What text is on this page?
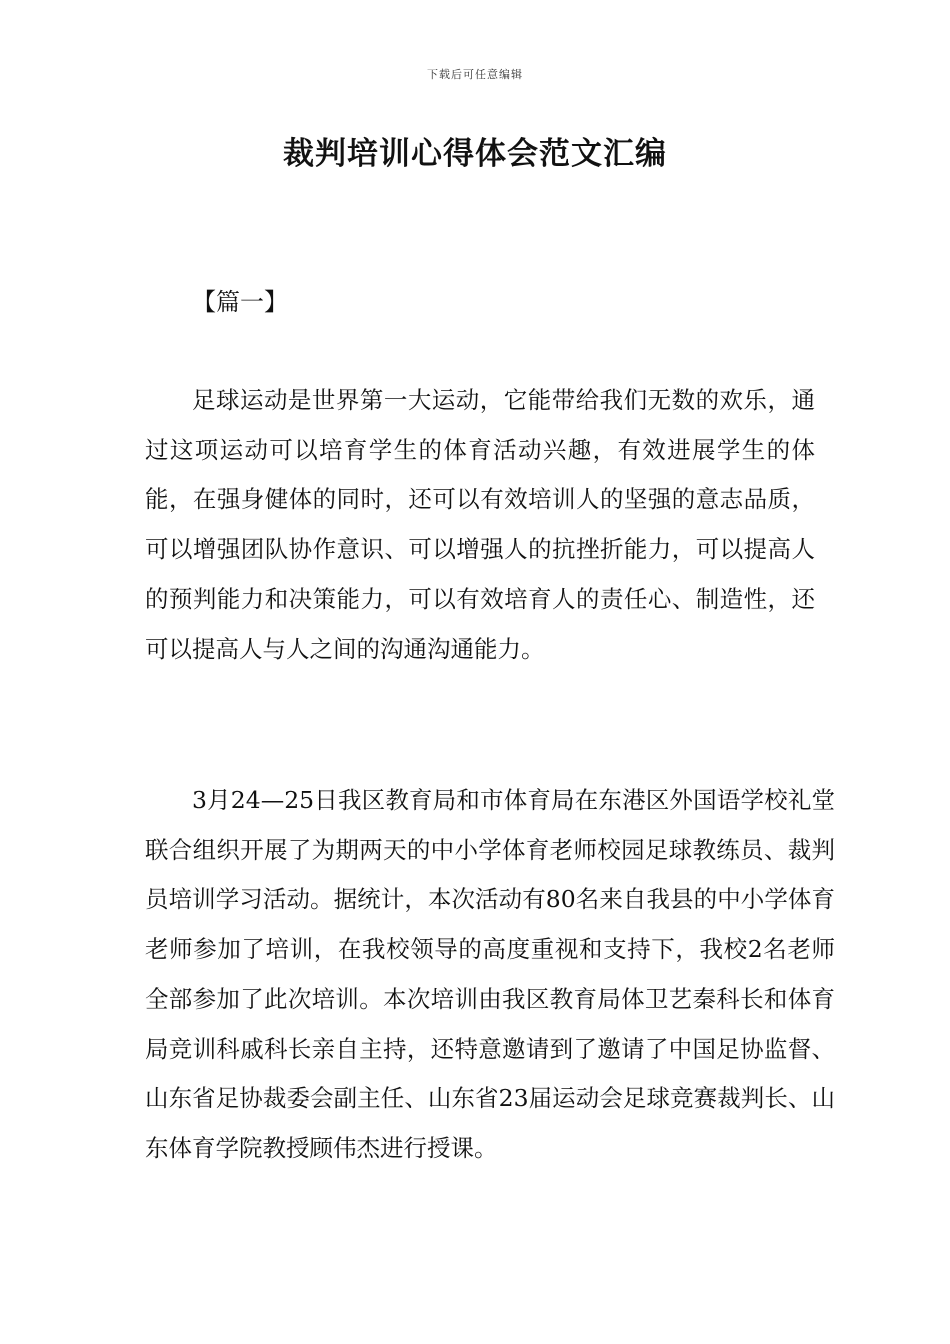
下载后可任意编辑
裁判培训心得体会范文汇编
【篇一】

足球运动是世界第一大运动，它能带给我们无数的欢乐，通过这项运动可以培育学生的体育活动兴趣，有效进展学生的体能，在强身健体的同时，还可以有效培训人的坚强的意志品质，可以增强团队协作意识、可以增强人的抗挫折能力，可以提高人的预判能力和决策能力，可以有效培育人的责任心、制造性，还可以提高人与人之间的沟通沟通能力。

3月24—25日我区教育局和市体育局在东港区外国语学校礼堂联合组织开展了为期两天的中小学体育老师校园足球教练员、裁判员培训学习活动。据统计，本次活动有80名来自我县的中小学体育老师参加了培训，在我校领导的高度重视和支持下，我校2名老师全部参加了此次培训。本次培训由我区教育局体卫艺秦科长和体育局竞训科戚科长亲自主持，还特意邀请到了邀请了中国足协监督、山东省足协裁委会副主任、山东省23届运动会足球竞赛裁判长、山东体育学院教授顾伟杰进行授课。
